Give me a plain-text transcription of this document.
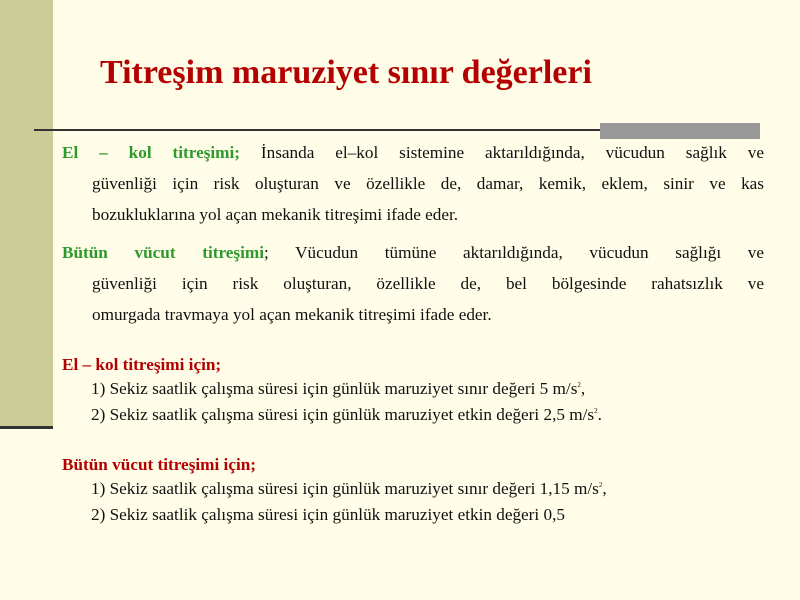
Titreşim maruziyet sınır değerleri
El – kol titreşimi; İnsanda el–kol sistemine aktarıldığında, vücudun sağlık ve
güvenliği için risk oluşturan ve özellikle de, damar, kemik, eklem, sinir ve kas
bozukluklarına yol açan mekanik titreşimi ifade eder.
Bütün vücut titreşimi; Vücudun tümüne aktarıldığında, vücudun sağlığı ve
güvenliği için risk oluşturan, özellikle de, bel bölgesinde rahatsızlık ve
omurgada travmaya yol açan mekanik titreşimi ifade eder.
El – kol titreşimi için;
1) Sekiz saatlik çalışma süresi için günlük maruziyet sınır değeri 5 $m/s^2$,
2) Sekiz saatlik çalışma süresi için günlük maruziyet etkin değeri 2,5 $m/s^2$.
Bütün vücut titreşimi için;
1) Sekiz saatlik çalışma süresi için günlük maruziyet sınır değeri 1,15 $m/s^2$,
2) Sekiz saatlik çalışma süresi için günlük maruziyet etkin değeri 0,5
